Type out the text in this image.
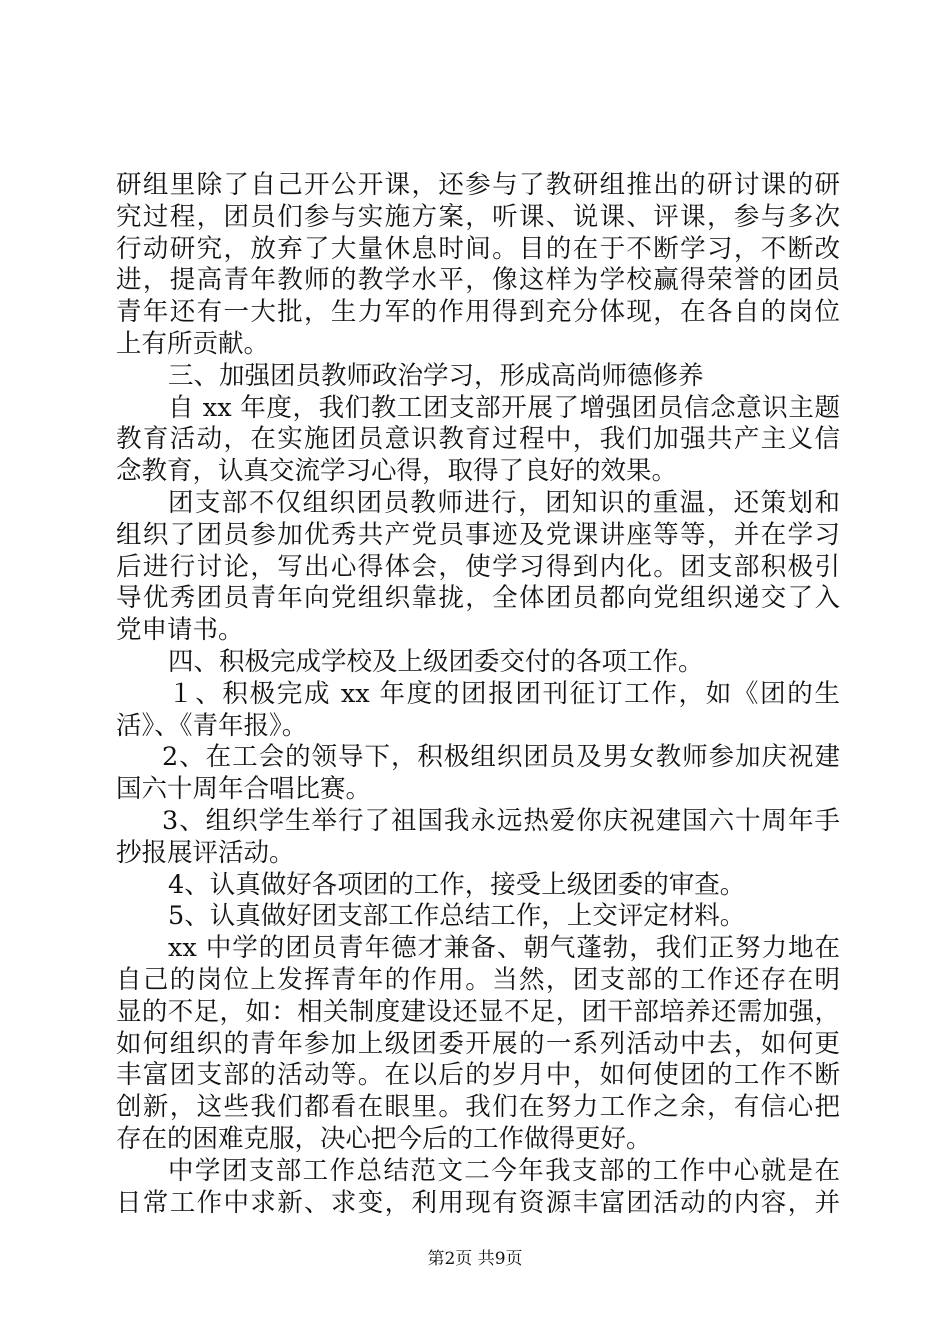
研组里除了自己开公开课，还参与了教研组推出的研讨课的研
究过程，团员们参与实施方案，听课、说课、评课，参与多次
行动研究，放弃了大量休息时间。目的在于不断学习，不断改
进，提高青年教师的教学水平，像这样为学校赢得荣誉的团员
青年还有一大批，生力军的作用得到充分体现，在各自的岗位
上有所贡献。
三、加强团员教师政治学习，形成高尚师德修养
自 xx 年度，我们教工团支部开展了增强团员信念意识主题
教育活动，在实施团员意识教育过程中，我们加强共产主义信
念教育，认真交流学习心得，取得了良好的效果。
团支部不仅组织团员教师进行，团知识的重温，还策划和
组织了团员参加优秀共产党员事迹及党课讲座等等，并在学习
后进行讨论，写出心得体会，使学习得到内化。团支部积极引
导优秀团员青年向党组织靠拢，全体团员都向党组织递交了入
党申请书。
四、积极完成学校及上级团委交付的各项工作。
１、积极完成 xx 年度的团报团刊征订工作，如《团的生
活》、《青年报》。
2、在工会的领导下，积极组织团员及男女教师参加庆祝建
国六十周年合唱比赛。
3、组织学生举行了祖国我永远热爱你庆祝建国六十周年手
抄报展评活动。
4、认真做好各项团的工作，接受上级团委的审查。
5、认真做好团支部工作总结工作，上交评定材料。
xx 中学的团员青年德才兼备、朝气蓬勃，我们正努力地在
自己的岗位上发挥青年的作用。当然，团支部的工作还存在明
显的不足，如：相关制度建设还显不足，团干部培养还需加强，
如何组织的青年参加上级团委开展的一系列活动中去，如何更
丰富团支部的活动等。在以后的岁月中，如何使团的工作不断
创新，这些我们都看在眼里。我们在努力工作之余，有信心把
存在的困难克服，决心把今后的工作做得更好。
中学团支部工作总结范文二今年我支部的工作中心就是在
日常工作中求新、求变，利用现有资源丰富团活动的内容，并
第2页 共9页
